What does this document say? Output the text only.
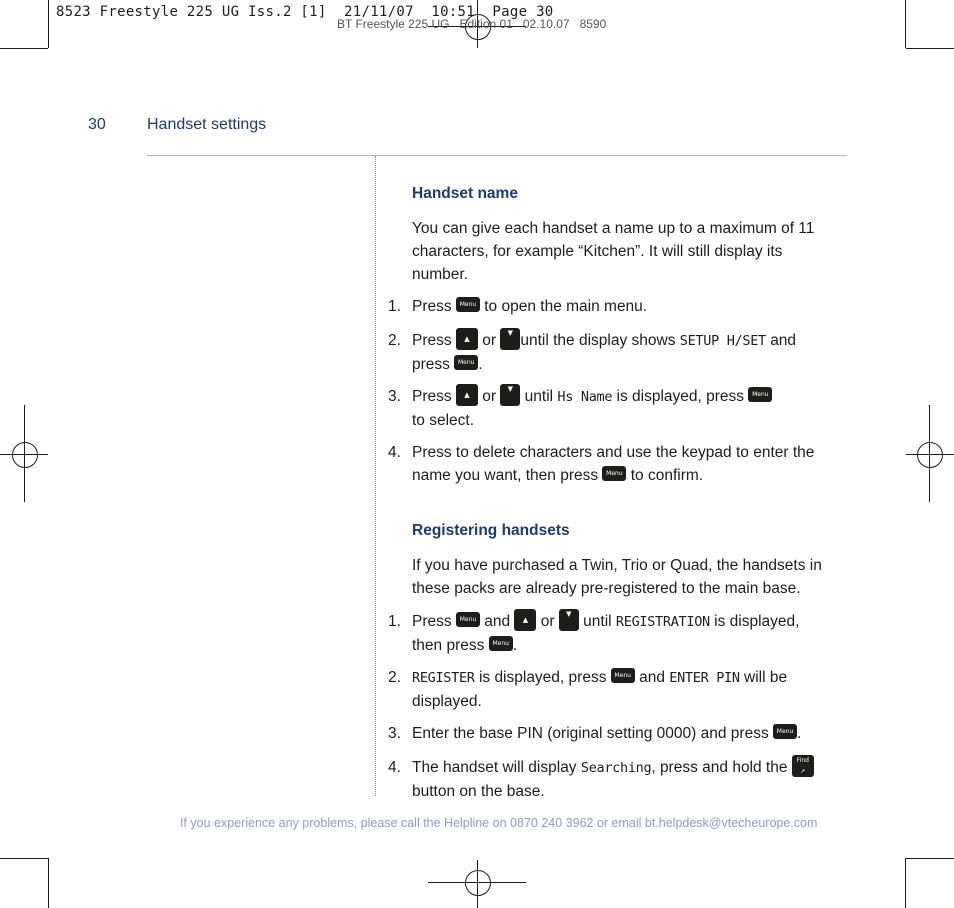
BT Freestyle 225 UG   Edition 01   02.10.07   8590
8523 Freestyle 225 UG Iss.2 [1]  21/11/07  10:51  Page 30
30	Handset settings
Handset name
You can give each handset a name up to a maximum of 11 characters, for example “Kitchen”. It will still display its number.
1. Press Menu to open the main menu.
2. Press ▲ or ▼ until the display shows SETUP H/SET and
press Menu .
3. Press ▲ or ▼ until Hs Name is displayed, press Menu
to select.
4. Press to delete characters and use the keypad to enter the name you want, then press Menu to confirm.
Registering handsets
If you have purchased a Twin, Trio or Quad, the handsets in these packs are already pre-registered to the main base.
1. Press Menu and ▲ or ▼ until REGISTRATION is displayed,
then press Menu .
2. REGISTER is displayed, press Menu and ENTER PIN will be displayed.
3. Enter the base PIN (original setting 0000) and press Menu .
4. The handset will display Searching, press and hold the Find
↗
button on the base.
If you experience any problems, please call the Helpline on 0870 240 3962 or email bt.helpdesk@vtecheurope.com
